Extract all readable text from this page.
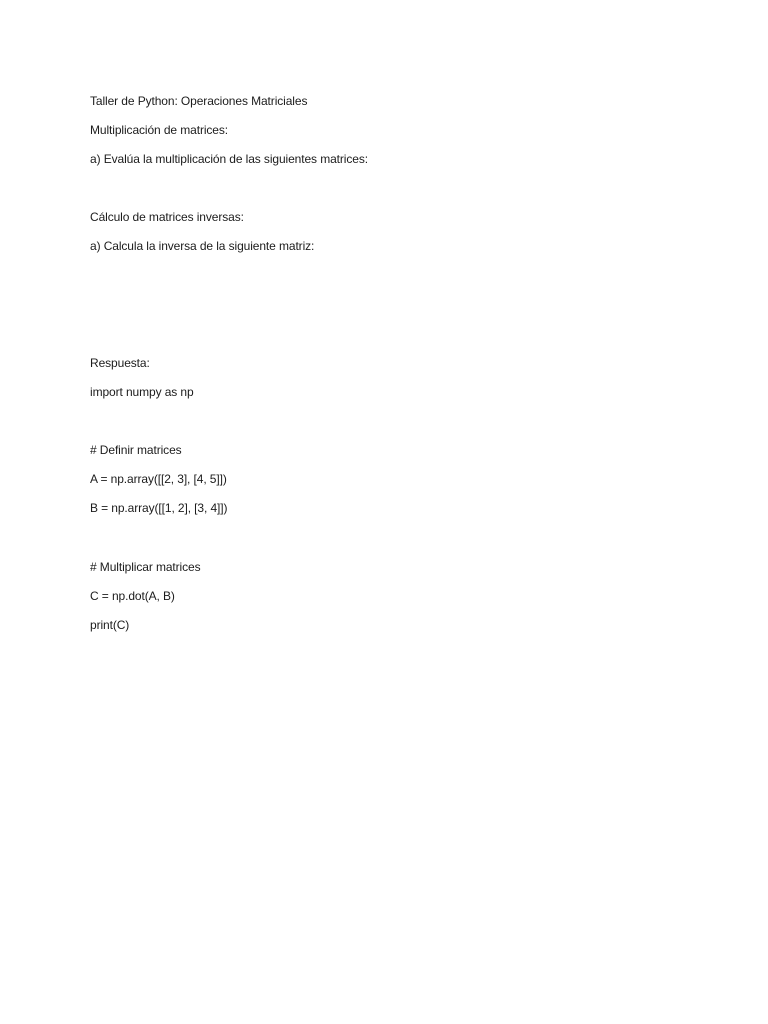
Taller de Python: Operaciones Matriciales

Multiplicación de matrices:

a) Evalúa la multiplicación de las siguientes matrices:

Cálculo de matrices inversas:

a) Calcula la inversa de la siguiente matriz:

Respuesta:

import numpy as np

# Definir matrices

A = np.array([[2, 3], [4, 5]])

B = np.array([[1, 2], [3, 4]])

# Multiplicar matrices

C = np.dot(A, B)

print(C)
